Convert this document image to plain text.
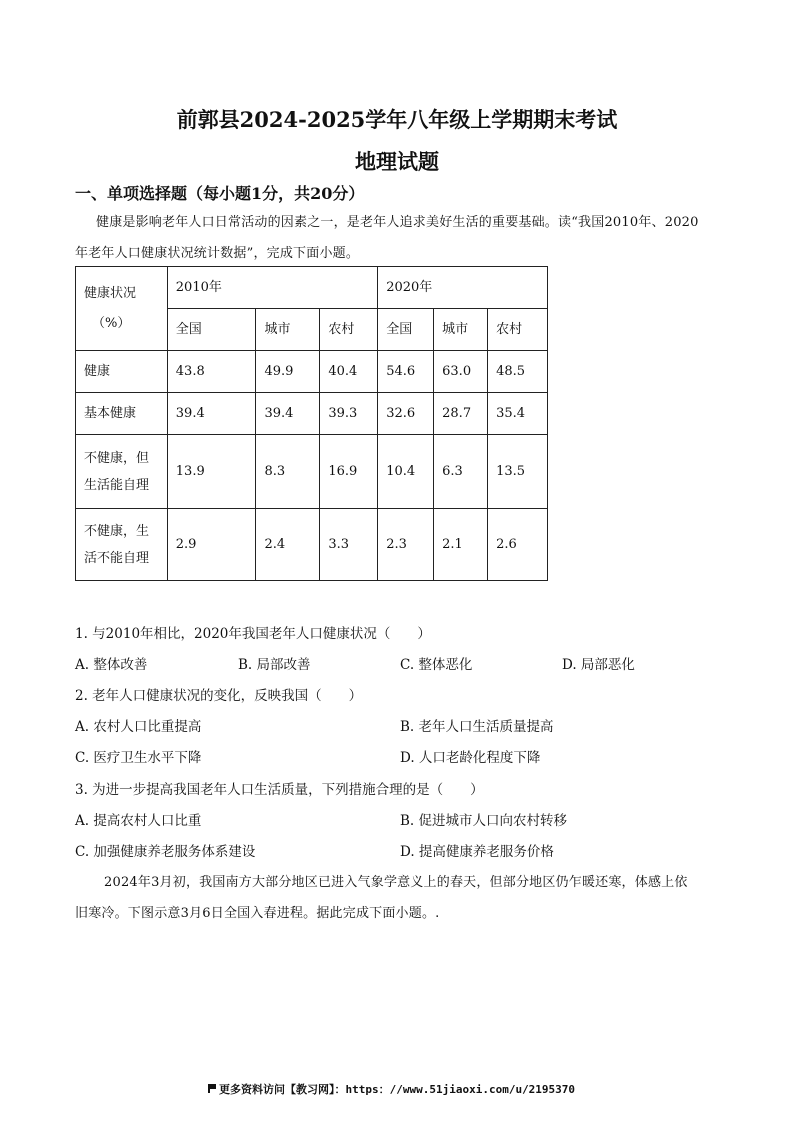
前郭县2024-2025学年八年级上学期期末考试
地理试题
一、单项选择题（每小题1分，共20分）
健康是影响老年人口日常活动的因素之一，是老年人追求美好生活的重要基础。读“我国2010年、2020
年老年人口健康状况统计数据”，完成下面小题。
健康状况
（%）	2010年			2020年		
	全国	城市	农村	全国	城市	农村
健康	43.8	49.9	40.4	54.6	63.0	48.5
基本健康	39.4	39.4	39.3	32.6	28.7	35.4

不健康，但
生活能自理	13.9	8.3	16.9	10.4	6.3	13.5

不健康，生
活不能自理	2.9	2.4	3.3	2.3	2.1	2.6
1. 与2010年相比，2020年我国老年人口健康状况（　　）
A. 整体改善	B. 局部改善	C. 整体恶化	D. 局部恶化
2. 老年人口健康状况的变化，反映我国（　　）
A. 农村人口比重提高	B. 老年人口生活质量提高
C. 医疗卫生水平下降	D. 人口老龄化程度下降
3. 为进一步提高我国老年人口生活质量，下列措施合理的是（　　）
A. 提高农村人口比重	B. 促进城市人口向农村转移
C. 加强健康养老服务体系建设	D. 提高健康养老服务价格
2024年3月初，我国南方大部分地区已进入气象学意义上的春天，但部分地区仍乍暖还寒，体感上依
旧寒冷。下图示意3月6日全国入春进程。据此完成下面小题。.
更多资料访问【教习网】：https：//www.51jiaoxi.com/u/2195370
